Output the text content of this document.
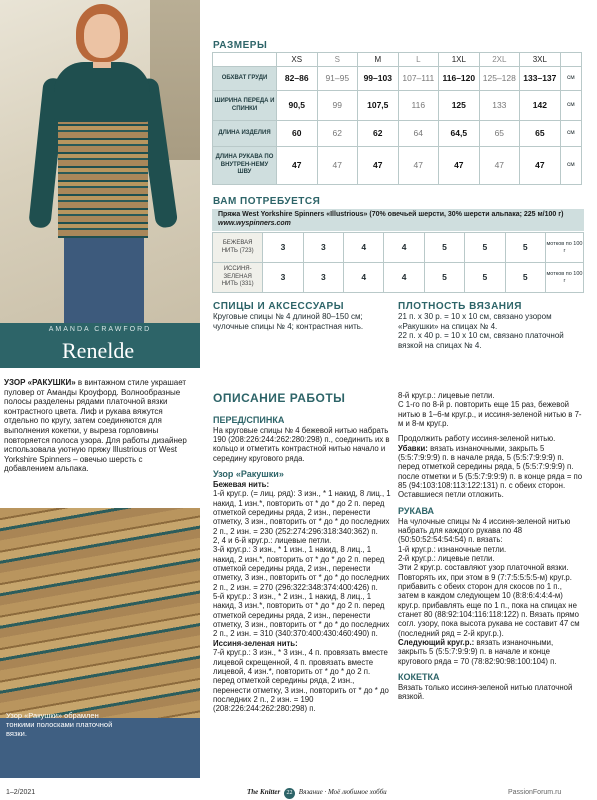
AMANDA CRAWFORD
Renelde
УЗОР «РАКУШКИ» в винтажном стиле украшает пуловер от Аманды Кроуфорд. Волнообразные полосы разделены рядами платочной вязки контрастного цвета. Лиф и рукава вяжутся отдельно по кругу, затем соединяются для выполнения кокетки, у выреза горловины повторяется полоса узора. Для работы дизайнер использовала уютную пряжу Illustrious от West Yorkshire Spinners – овечью шерсть с добавлением альпака.
Узор «Ракушки» обрамлен тонкими полосками платочной вязки.
1–2/2021	The Knitter 22 Вязание · Моё любимое хобби	PassionForum.ru
РАЗМЕРЫ
	XS	S	M	L	1XL	2XL	3XL	
ОБХВАТ ГРУДИ	82–86	91–95	99–103	107–111	116–120	125–128	133–137	см
ШИРИНА ПЕРЕДА И СПИНКИ	90,5	99	107,5	116	125	133	142	см
ДЛИНА ИЗДЕЛИЯ	60	62	62	64	64,5	65	65	см
ДЛИНА РУКАВА ПО ВНУТРЕН-НЕМУ ШВУ	47	47	47	47	47	47	47	см
ВАМ ПОТРЕБУЕТСЯ
Пряжа West Yorkshire Spinners «Illustrious» (70% овечьей шерсти, 30% шерсти альпака; 225 м/100 г)
www.wyspinners.com
БЕЖЕВАЯ НИТЬ (723)	3	3	4	4	5	5	5	мотков по 100 г
ИССИНЯ-ЗЕЛЕНАЯ НИТЬ (331)	3	3	4	4	5	5	5	мотков по 100 г
СПИЦЫ И АКСЕССУАРЫ
Круговые спицы № 4 длиной 80–150 см; чулочные спицы № 4; контрастная нить.
ПЛОТНОСТЬ ВЯЗАНИЯ
21 п. х 30 р. = 10 х 10 см, связано узором «Ракушки» на спицах № 4.
22 п. х 40 р. = 10 х 10 см, связано платочной вязкой на спицах № 4.
ОПИСАНИЕ РАБОТЫ
ПЕРЕД/СПИНКА
На круговые спицы № 4 бежевой нитью набрать 190 (208:226:244:262:280:298) п., соединить их в кольцо и отметить контрастной нитью начало и середину кругового ряда.
Узор «Ракушки»
Бежевая нить:
1-й круг.р. (= лиц. ряд): 3 изн., * 1 накид, 8 лиц., 1 накид, 1 изн.*, повторить от * до * до 2 п. перед отметкой середины ряда, 2 изн., перенести отметку, 3 изн., повторить от * до * до последних 2 п., 2 изн. = 230 (252:274:296:318:340:362) п.
2, 4 и 6-й круг.р.: лицевые петли.
3-й круг.р.: 3 изн., * 1 изн., 1 накид, 8 лиц., 1 накид, 2 изн.*, повторить от * до * до 2 п. перед отметкой середины ряда, 2 изн., перенести отметку, 3 изн., повторить от * до * до последних 2 п., 2 изн. = 270 (296:322:348:374:400:426) п.
5-й круг.р.: 3 изн., * 2 изн., 1 накид, 8 лиц., 1 накид, 3 изн.*, повторить от * до * до 2 п. перед отметкой середины ряда, 2 изн., перенести отметку, 3 изн., повторить от * до * до последних 2 п., 2 изн. = 310 (340:370:400:430:460:490) п.
Иссиня-зеленая нить:
7-й круг.р.: 3 изн., * 3 изн., 4 п. провязать вместе лицевой скрещенной, 4 п. провязать вместе лицевой, 4 изн.*, повторить от * до * до 2 п. перед отметкой середины ряда, 2 изн., перенести отметку, 3 изн., повторить от * до * до последних 2 п., 2 изн. = 190 (208:226:244:262:280:298) п.
8-й круг.р.: лицевые петли.
С 1-го по 8-й р. повторить еще 15 раз, бежевой нитью в 1–6-м круг.р., и иссиня-зеленой нитью в 7-м и 8-м круг.р.
Продолжить работу иссиня-зеленой нитью.
Убавки: вязать изнаночными, закрыть 5 (5:5:7:9:9:9) п. в начале ряда, 5 (5:5:7:9:9:9) п. перед отметкой середины ряда, 5 (5:5:7:9:9:9) п. после отметки и 5 (5:5:7:9:9:9) п. в конце ряда = по 85 (94:103:108:113:122:131) п. с обеих сторон.
Оставшиеся петли отложить.
РУКАВА
На чулочные спицы № 4 иссиня-зеленой нитью набрать для каждого рукава по 48 (50:50:52:54:54:54) п. вязать:
1-й круг.р.: изнаночные петли.
2-й круг.р.: лицевые петли.
Эти 2 круг.р. составляют узор платочной вязки. Повторять их, при этом в 9 (7:7:5:5:5:5-м) круг.р. прибавить с обеих сторон для скосов по 1 п., затем в каждом следующем 10 (8:8:6:4:4:4-м) круг.р. прибавлять еще по 1 п., пока на спицах не станет 80 (88:92:104:116:118:122) п. Вязать прямо согл. узору, пока высота рукава не составит 47 см (последний ряд = 2-й круг.р.).
Следующий круг.р.: вязать изнаночными, закрыть 5 (5:5:7:9:9:9) п. в начале и конце кругового ряда = 70 (78:82:90:98:100:104) п.
КОКЕТКА
Вязать только иссиня-зеленой нитью платочной вязкой.
